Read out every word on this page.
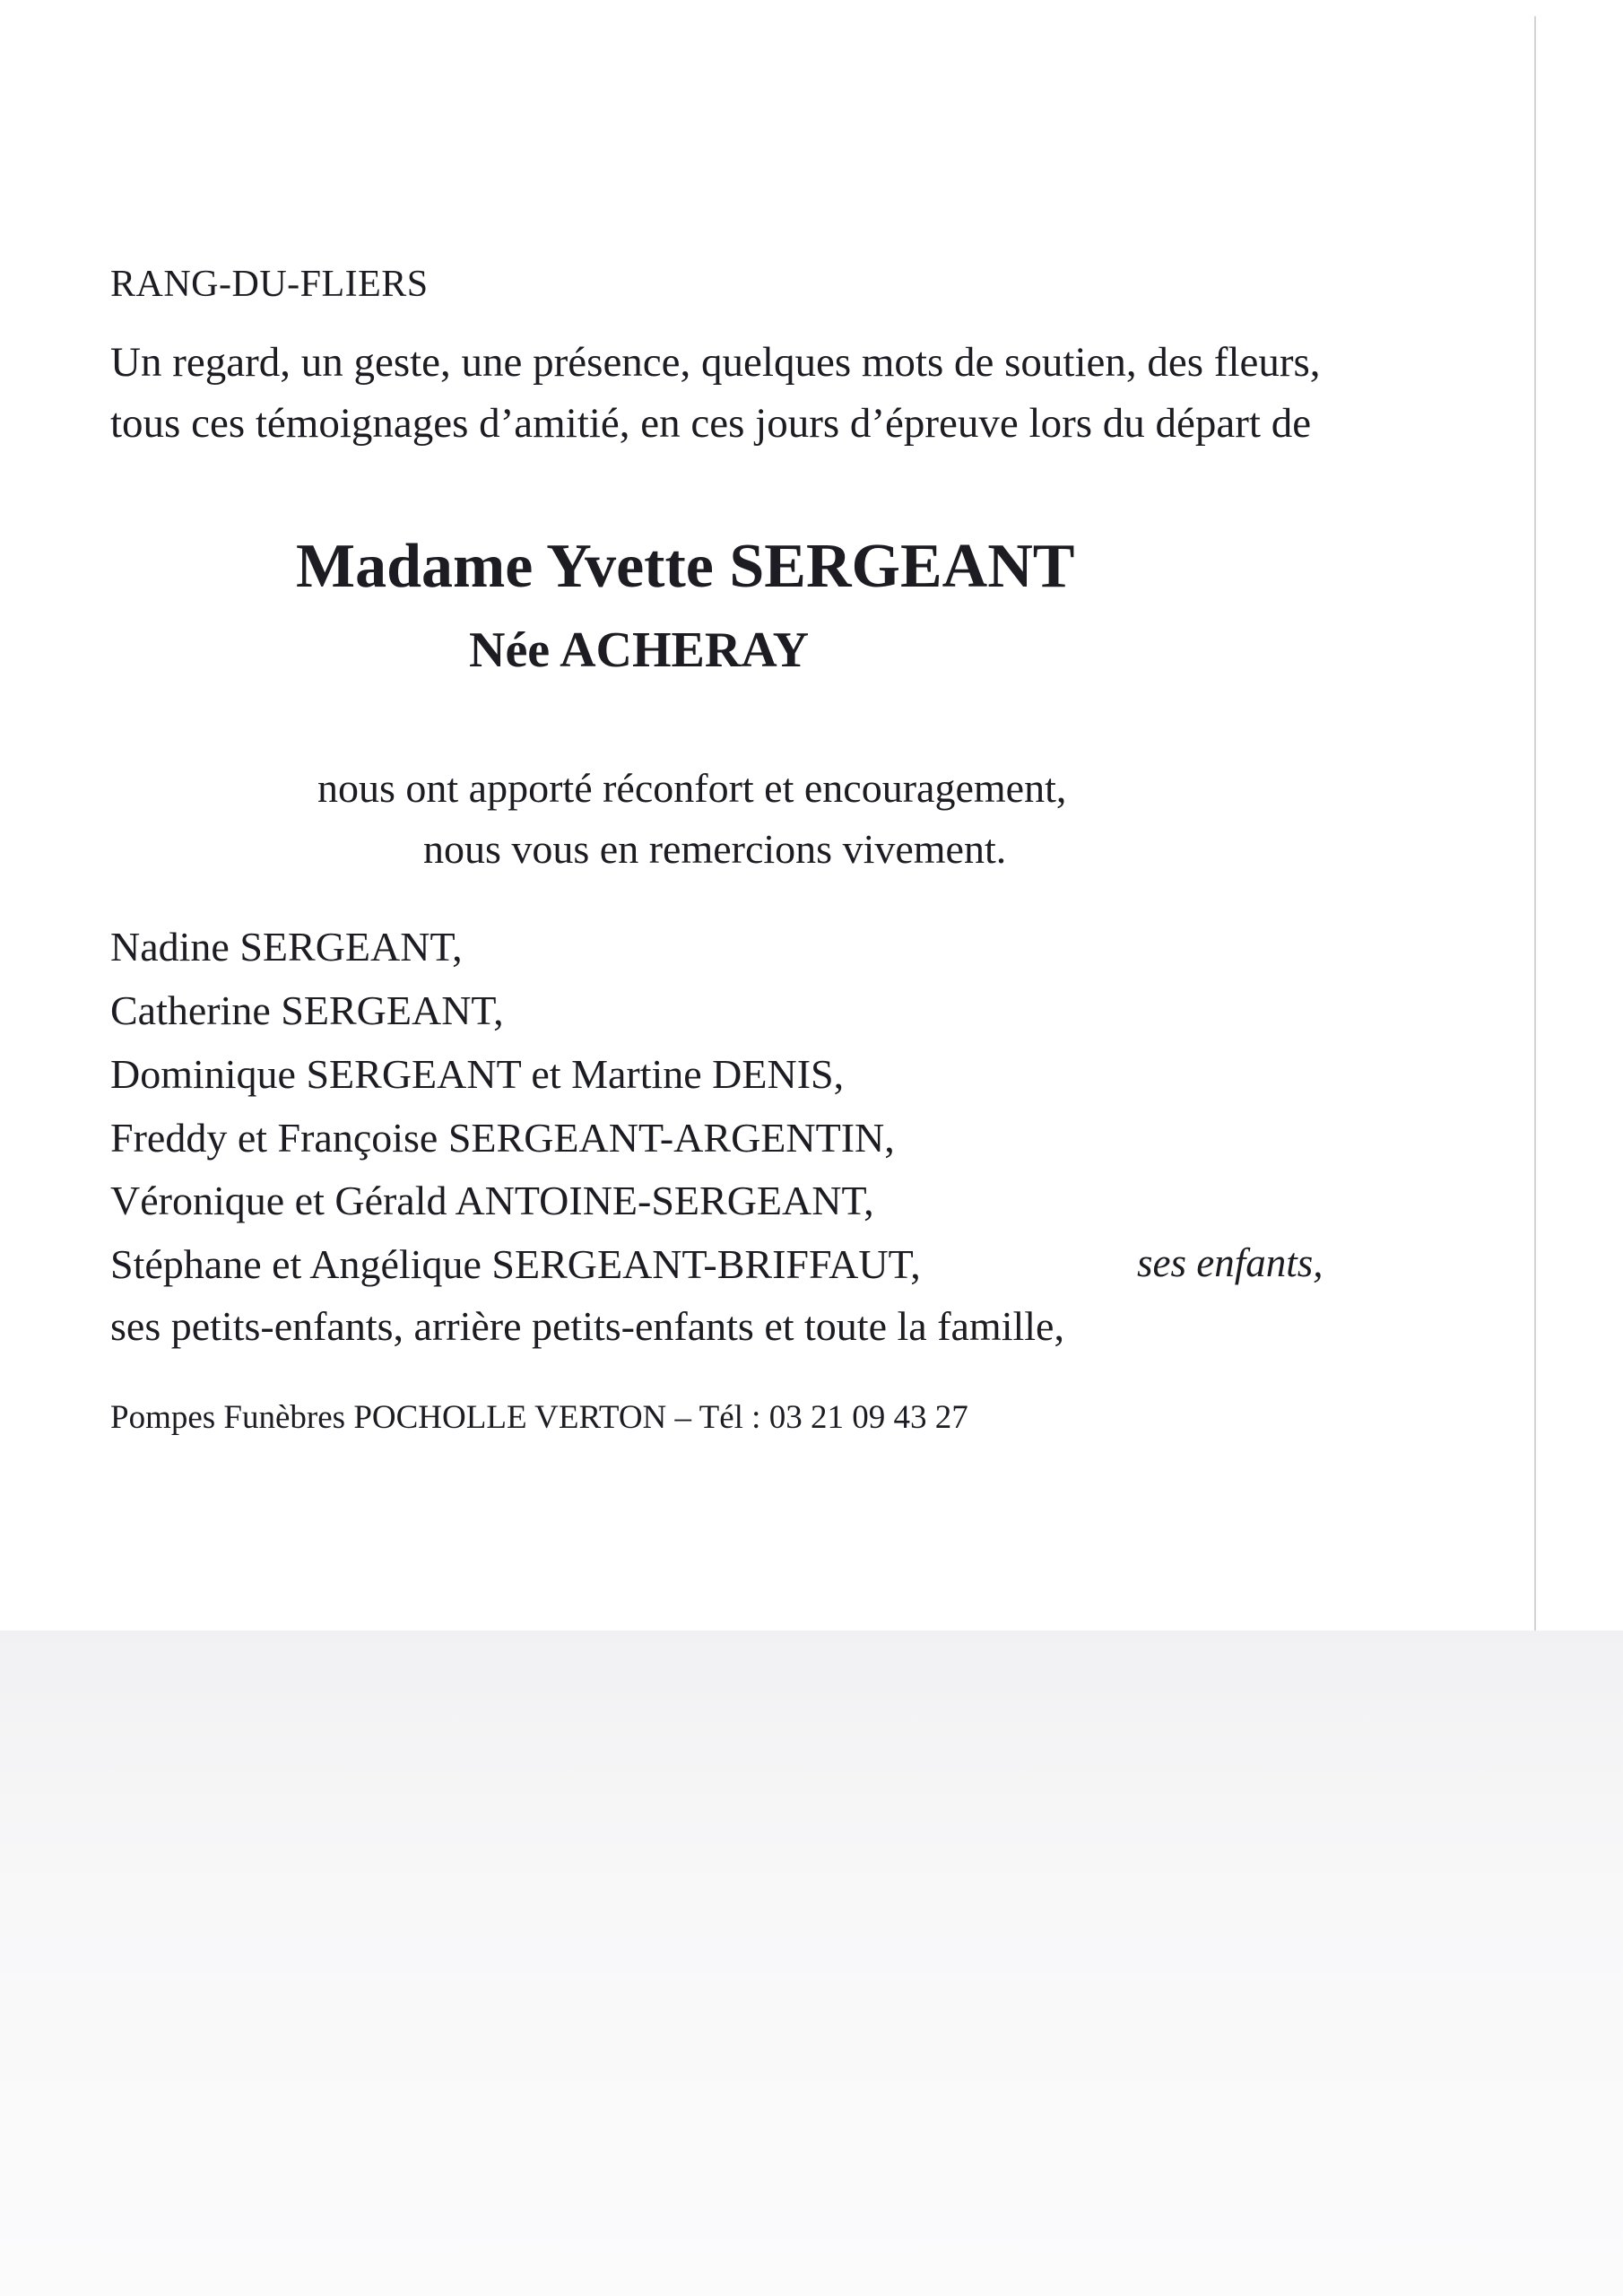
RANG-DU-FLIERS
Un regard, un geste, une présence, quelques mots de soutien, des fleurs,
tous ces témoignages d’amitié, en ces jours d’épreuve lors du départ de
Madame Yvette SERGEANT
Née ACHERAY
nous ont apporté réconfort et encouragement,
nous vous en remercions vivement.
Nadine SERGEANT,
Catherine SERGEANT,
Dominique SERGEANT et Martine DENIS,
Freddy et Françoise SERGEANT-ARGENTIN,
Véronique et Gérald ANTOINE-SERGEANT,
Stéphane et Angélique SERGEANT-BRIFFAUT,	ses enfants,
ses petits-enfants, arrière petits-enfants et toute la famille,
Pompes Funèbres POCHOLLE VERTON – Tél : 03 21 09 43 27
